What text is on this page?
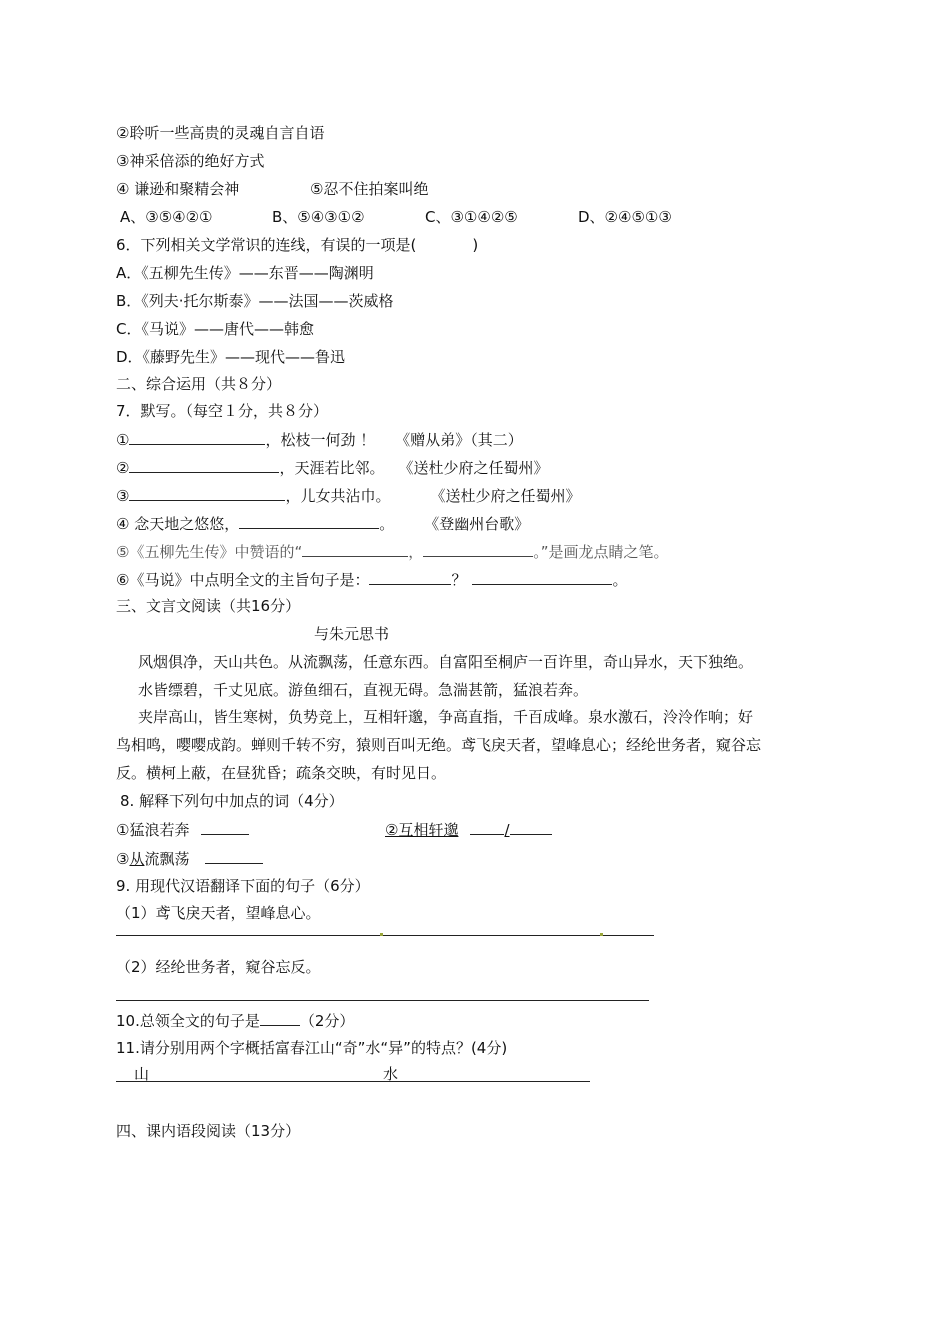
②聆听一些高贵的灵魂自言自语
③神采倍添的绝好方式
④ 谦逊和聚精会神	⑤忍不住拍案叫绝
A、③⑤④②①	B、⑤④③①②	C、③①④②⑤	D、②④⑤①③
6．下列相关文学常识的连线，有误的一项是(	)
A．《五柳先生传》——东晋——陶渊明
B．《列夫·托尔斯泰》——法国——茨威格
C．《马说》——唐代——韩愈
D．《藤野先生》——现代——鲁迅
二、综合运用（共８分）
7．默写。（每空１分，共８分）
①	，松枝一何劲 ！ 《赠从弟》（其二）
②	，天涯若比邻。 《送杜少府之任蜀州》
③	，儿女共沾巾。	《送杜少府之任蜀州》
④ 念天地之悠悠，	。 《登幽州台歌》
⑤《五柳先生传》中赞语的“	，	。”是画龙点睛之笔。
⑥《马说》中点明全文的主旨句子是：	？	。
三、文言文阅读（共16分）
与朱元思书
风烟俱净，天山共色。从流飘荡，任意东西。自富阳至桐庐一百许里，奇山异水，天下独绝。
水皆缥碧，千丈见底。游鱼细石，直视无碍。急湍甚箭，猛浪若奔。
夹岸高山，皆生寒树，负势竞上，互相轩邈，争高直指，千百成峰。泉水激石，泠泠作响；好
鸟相鸣，嘤嘤成韵。蝉则千转不穷，猿则百叫无绝。鸢飞戾天者，望峰息心；经纶世务者，窥谷忘
反。横柯上蔽，在昼犹昏；疏条交映，有时见日。
8. 解释下列句中加点的词（4分）
①猛浪若奔	②互相轩邈	/
③从流飘荡
9. 用现代汉语翻译下面的句子（6分）
（1）鸢飞戾天者，望峰息心。
（2）经纶世务者，窥谷忘反。
10.总领全文的句子是	（2分）
11.请分别用两个字概括富春江山“奇”水“异”的特点？(4分)
山	水
四、课内语段阅读（13分）
